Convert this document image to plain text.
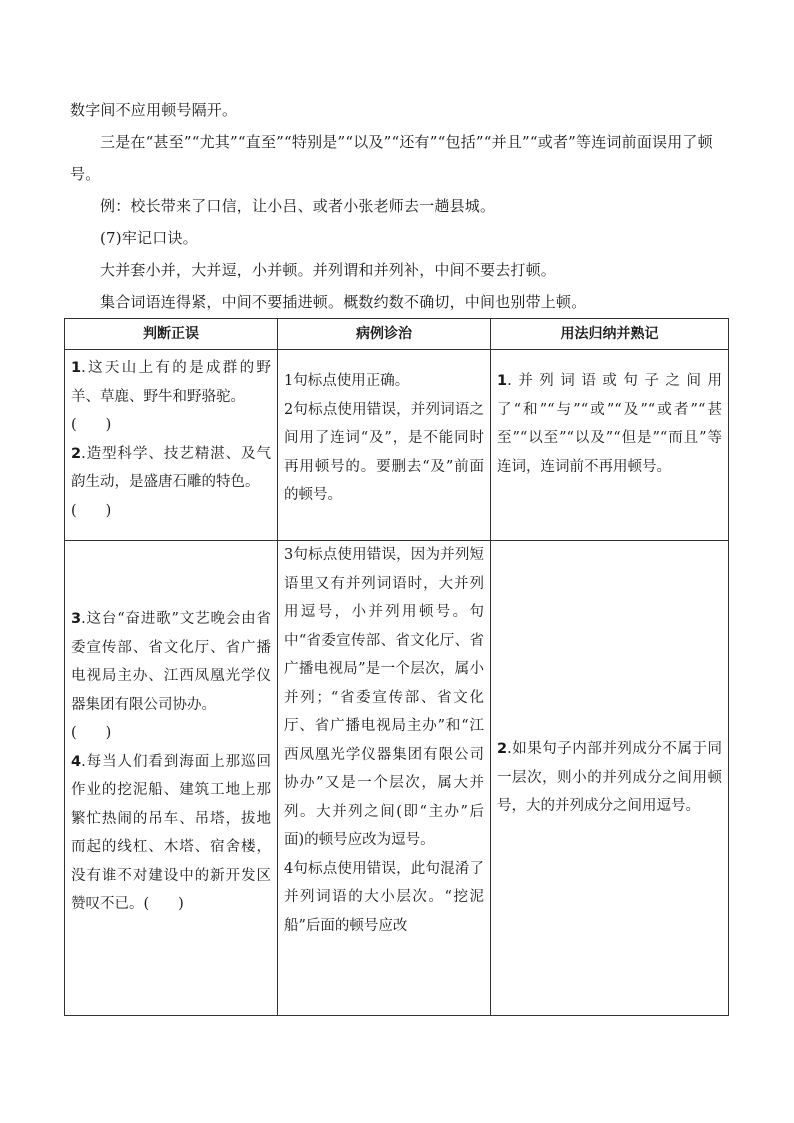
数字间不应用顿号隔开。

三是在“甚至”“尤其”“直至”“特别是”“以及”“还有”“包括”“并且”“或者”等连词前面误用了顿号。

例：校长带来了口信，让小吕、或者小张老师去一趟县城。

(7)牢记口诀。

大并套小并，大并逗，小并顿。并列谓和并列补，中间不要去打顿。

集合词语连得紧，中间不要插进顿。概数约数不确切，中间也别带上顿。

判断正误	病例诊治	用法归纳并熟记

1.这天山上有的是成群的野羊、草鹿、野牛和野骆驼。
(　　)
2.造型科学、技艺精湛、及气韵生动，是盛唐石雕的特色。
(　　)	1句标点使用正确。
2句标点使用错误，并列词语之间用了连词“及”，是不能同时再用顿号的。要删去“及”前面的顿号。	1.并列词语或句子之间用了“和”“与”“或”“及”“或者”“甚至”“以至”“以及”“但是”“而且”等连词，连词前不再用顿号。

3.这台“奋进歌”文艺晚会由省委宣传部、省文化厅、省广播电视局主办、江西凤凰光学仪器集团有限公司协办。
(　　)
4.每当人们看到海面上那巡回作业的挖泥船、建筑工地上那繁忙热闹的吊车、吊塔，拔地而起的线杠、木塔、宿舍楼，没有谁不对建设中的新开发区赞叹不已。(　　)	3句标点使用错误，因为并列短语里又有并列词语时，大并列用逗号，小并列用顿号。句中“省委宣传部、省文化厅、省广播电视局”是一个层次，属小并列；“省委宣传部、省文化厅、省广播电视局主办”和“江西凤凰光学仪器集团有限公司协办”又是一个层次，属大并列。大并列之间(即“主办”后面)的顿号应改为逗号。
4句标点使用错误，此句混淆了并列词语的大小层次。“挖泥船”后面的顿号应改	2.如果句子内部并列成分不属于同一层次，则小的并列成分之间用顿号，大的并列成分之间用逗号。
